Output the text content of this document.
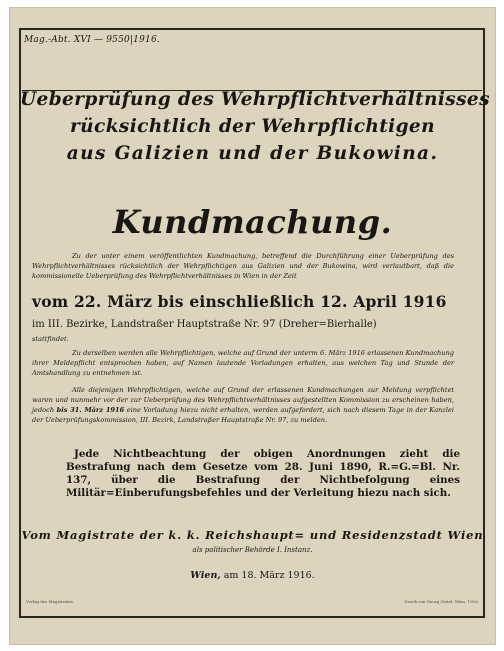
Mag.-Abt. XVI — 9550|1916.
Ueberprüfung des Wehrpflichtverhältnisses
rücksichtlich der Wehrpflichtigen
aus Galizien und der Bukowina.
Kundmachung.
Zu der unter einem veröffentlichten Kundmachung, betreffend die Durchführung einer Ueberprüfung des Wehrpflichtverhältnisses rücksichtlich der Wehrpflichtigen aus Galizien und der Bukowina, wird verlautbart, daß die kommissionelle Ueberprüfung des Wehrpflichtverhältnisses in Wien in der Zeit
vom 22. März bis einschließlich 12. April 1916
im III. Bezirke, Landstraßer Hauptstraße Nr. 97 (Dreher=Bierhalle)
stattfindet.
Zu derselben werden alle Wehrpflichtigen, welche auf Grund der unterm 6. März 1916 erlassenen Kundmachung ihrer Meldepflicht entsprochen haben, auf Namen lautende Vorladungen erhalten, aus welchen Tag und Stunde der Amtshandlung zu entnehmen ist.
Alle diejenigen Wehrpflichtigen, welche auf Grund der erlassenen Kundmachungen zur Meldung verpflichtet waren und nunmehr vor der zur Ueberprüfung des Wehrpflichtverhältnisses aufgestellten Kommission zu erscheinen haben, jedoch bis 31. März 1916 eine Vorladung hiezu nicht erhalten, werden aufgefordert, sich nach diesem Tage in der Kanzlei der Ueberprüfungskommission, III. Bezirk, Landstraßer Hauptstraße Nr. 97, zu melden.
Jede Nichtbeachtung der obigen Anordnungen zieht die Bestrafung nach dem Gesetze vom 28. Juni 1890, R.=G.=Bl. Nr. 137, über die Bestrafung der Nichtbefolgung eines Militär=Einberufungsbefehles und der Verleitung hiezu nach sich.
Vom Magistrate der k. k. Reichshaupt= und Residenzstadt Wien
als politischer Behörde I. Instanz.
Wien, am 18. März 1916.
Verlag des Magistrates.	Druck von Georg Gistel, Wien, 1916.
